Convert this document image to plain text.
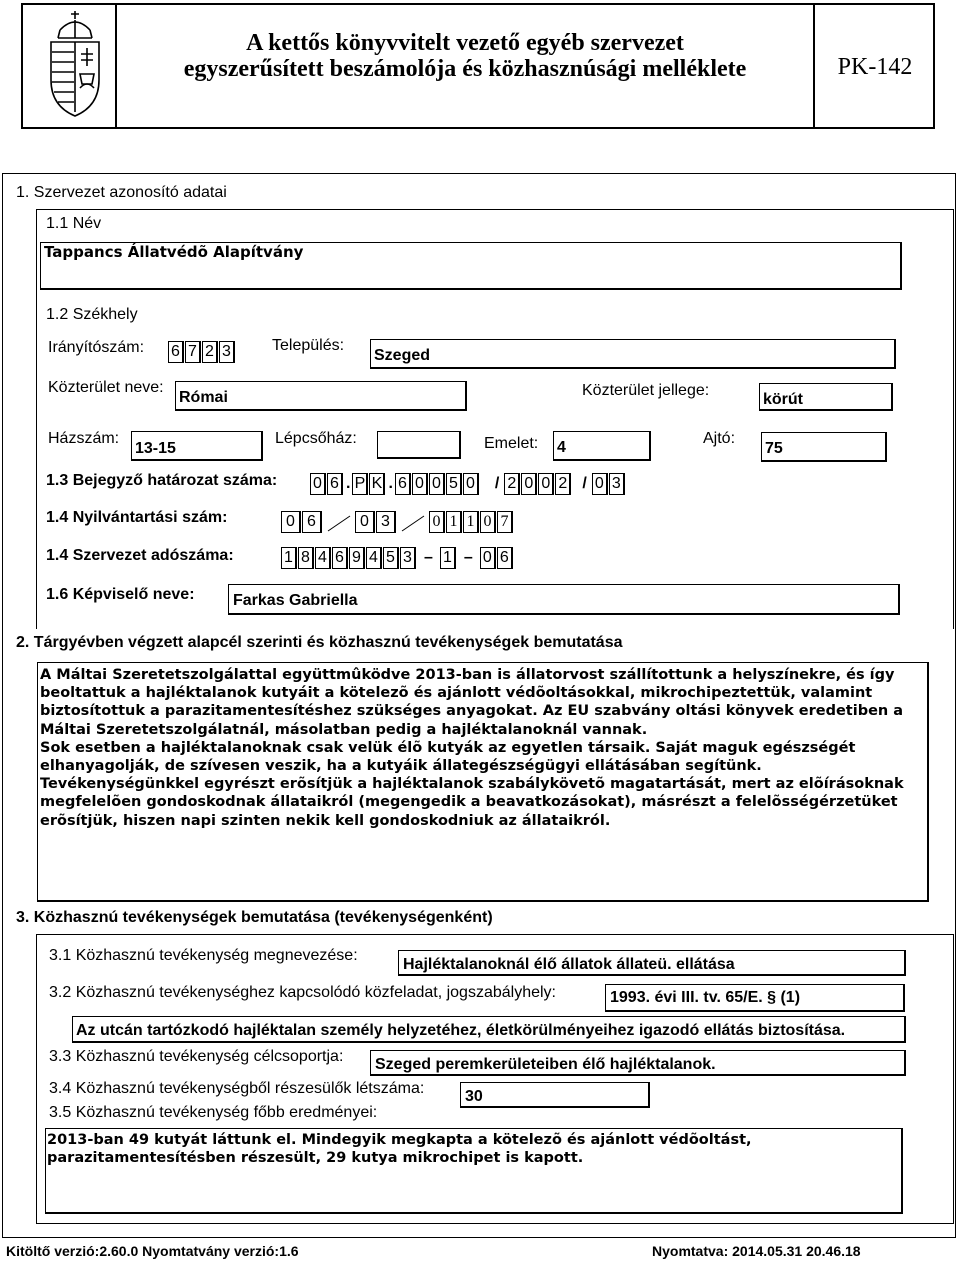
A kettős könyvvitelt vezető egyéb szervezet
egyszerűsített beszámolója és közhasznúsági melléklete	PK-142
1. Szervezet azonosító adatai
1.1 Név
Tappancs Állatvédõ Alapítvány
1.2 Székhely
Irányítószám: 6 7 2 3	Település:
Szeged
Közterület neve:
Római	Közterület jellege:
körút
Házszám:
13-15
Lépcsőház:	Emelet: 4
Ajtó:
75
1.3 Bejegyző határozat száma: 0 6 . P K . 6 0 0 5 0	/ 2 0 0 2 / 0 3
1.4 Nyilvántartási szám:	0 6	0 3	0 1 1 0 7
1.4 Szervezet adószáma:	1 8 4 6 9 4 5 3 – 1 – 0 6
1.6 Képviselő neve: Farkas Gabriella
2. Tárgyévben végzett alapcél szerinti és közhasznú tevékenységek bemutatása
A Máltai Szeretetszolgálattal együttmûködve 2013-ban is állatorvost szállítottunk a helyszínekre, és így
beoltattuk a hajléktalanok kutyáit a kötelezõ és ajánlott védõoltásokkal, mikrochipeztettük, valamint
biztosítottuk a parazitamentesítéshez szükséges anyagokat. Az EU szabvány oltási könyvek eredetiben a
Máltai Szeretetszolgálatnál, másolatban pedig a hajléktalanoknál vannak.
Sok esetben a hajléktalanoknak csak velük élõ kutyák az egyetlen társaik. Saját maguk egészségét
elhanyagolják, de szívesen veszik, ha a kutyáik állategészségügyi ellátásában segítünk.
Tevékenységünkkel egyrészt erõsítjük a hajléktalanok szabálykövetõ magatartását, mert az elõírásoknak
megfelelõen gondoskodnak állataikról (megengedik a beavatkozásokat), másrészt a felelõsségérzetüket
erõsítjük, hiszen napi szinten nekik kell gondoskodniuk az állataikról.
3. Közhasznú tevékenységek bemutatása (tevékenységenként)
3.1 Közhasznú tevékenység megnevezése:
Hajléktalanoknál élő állatok állateü. ellátása
3.2 Közhasznú tevékenységhez kapcsolódó közfeladat, jogszabályhely:	1993. évi III. tv. 65/E. § (1)
Az utcán tartózkodó hajléktalan személy helyzetéhez, életkörülményeihez igazodó ellátás biztosítása.
3.3 Közhasznú tevékenység célcsoportja: Szeged peremkerületeiben élő hajléktalanok.
3.4 Közhasznú tevékenységből részesülők létszáma:	30
3.5 Közhasznú tevékenység főbb eredményei:
2013-ban 49 kutyát láttunk el. Mindegyik megkapta a kötelezõ és ajánlott védõoltást,
parazitamentesítésben részesült, 29 kutya mikrochipet is kapott.
Kitöltő verzió:2.60.0 Nyomtatvány verzió:1.6	Nyomtatva: 2014.05.31 20.46.18
